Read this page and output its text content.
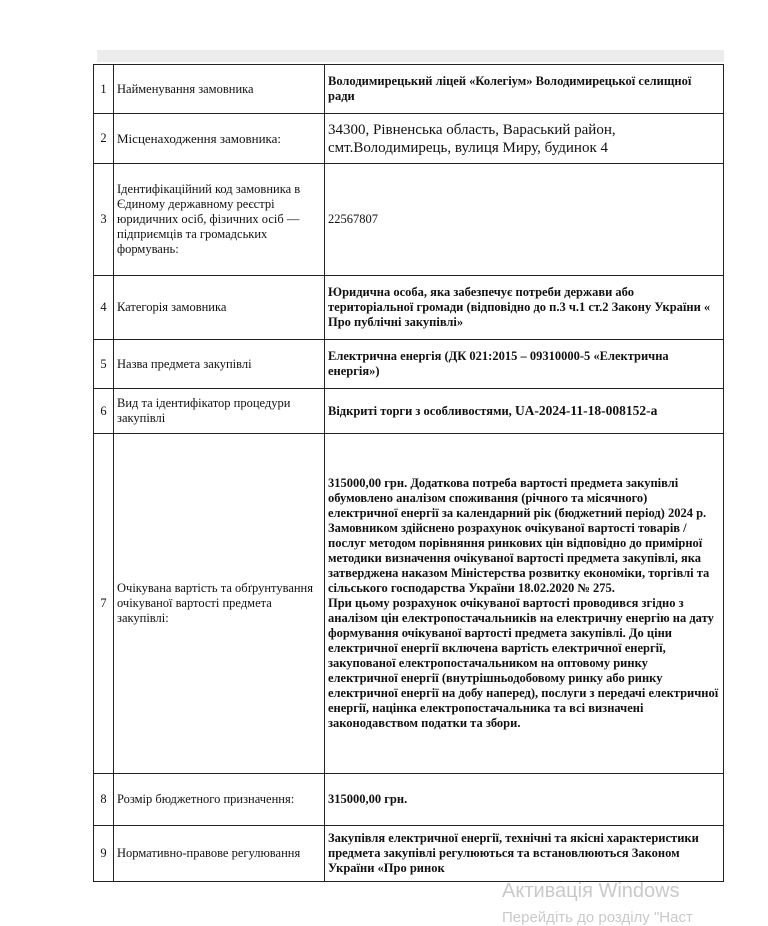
1	Найменування замовника	Володимирецький ліцей «Колегіум» Володимирецької селищної ради
2	Місценаходження замовника:	34300, Рівненська область, Вараський район, смт.Володимирець, вулиця Миру, будинок 4
3	Ідентифікаційний код замовника в Єдиному державному реєстрі юридичних осіб, фізичних осіб — підприємців та громадських формувань:	22567807
4	Категорія замовника	Юридична особа, яка забезпечує потреби держави або територіальної громади (відповідно до п.3 ч.1 ст.2 Закону України « Про публічні закупівлі»
5	Назва предмета закупівлі	Електрична енергія (ДК 021:2015 – 09310000-5 «Електрична енергія»)
6	Вид та ідентифікатор процедури закупівлі	Відкриті торги з особливостями, UA-2024-11-18-008152-a
7	Очікувана вартість та обґрунтування очікуваної вартості предмета закупівлі:	315000,00 грн. Додаткова потреба вартості предмета закупівлі обумовлено аналізом споживання (річного та місячного) електричної енергії за календарний рік (бюджетний період) 2024 р. Замовником здійснено розрахунок очікуваної вартості товарів / послуг методом порівняння ринкових цін відповідно до примірної методики визначення очікуваної вартості предмета закупівлі, яка затверджена наказом Міністерства розвитку економіки, торгівлі та сільського господарства України 18.02.2020 № 275.
При цьому розрахунок очікуваної вартості проводився згідно з аналізом цін електропостачальників на електричну енергію на дату формування очікуваної вартості предмета закупівлі. До ціни електричної енергії включена вартість електричної енергії, закупованої електропостачальником на оптовому ринку електричної енергії (внутрішньодобовому ринку або ринку електричної енергії на добу наперед), послуги з передачі електричної енергії, націнка електропостачальника та всі визначені законодавством податки та збори.

8	Розмір бюджетного призначення:	315000,00 грн.
9	Нормативно-правове регулювання	Закупівля електричної енергії, технічні та якісні характеристики предмета закупівлі регулюються та встановлюються Законом України «Про ринок
Активація Windows
Перейдіть до розділу "Наст
